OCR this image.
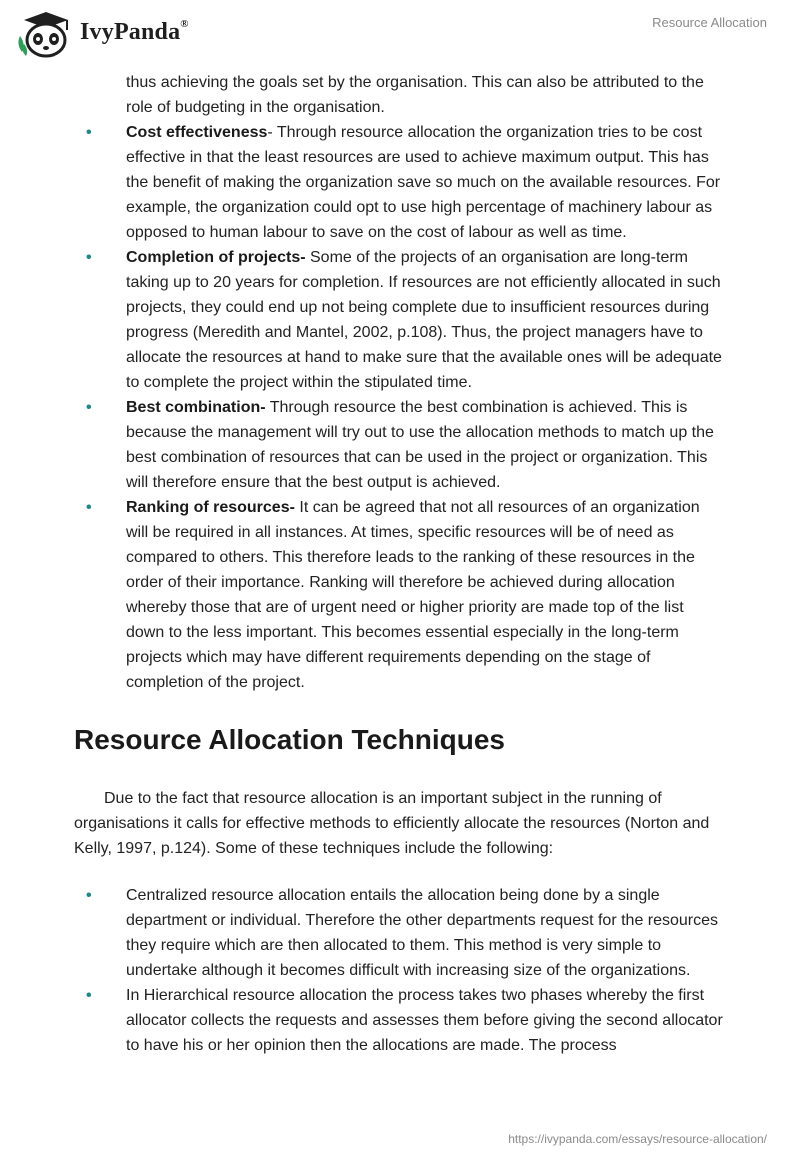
IvyPanda®	Resource Allocation
thus achieving the goals set by the organisation. This can also be attributed to the role of budgeting in the organisation.
• Cost effectiveness- Through resource allocation the organization tries to be cost effective in that the least resources are used to achieve maximum output. This has the benefit of making the organization save so much on the available resources. For example, the organization could opt to use high percentage of machinery labour as opposed to human labour to save on the cost of labour as well as time.
• Completion of projects- Some of the projects of an organisation are long-term taking up to 20 years for completion. If resources are not efficiently allocated in such projects, they could end up not being complete due to insufficient resources during progress (Meredith and Mantel, 2002, p.108). Thus, the project managers have to allocate the resources at hand to make sure that the available ones will be adequate to complete the project within the stipulated time.
• Best combination- Through resource the best combination is achieved. This is because the management will try out to use the allocation methods to match up the best combination of resources that can be used in the project or organization. This will therefore ensure that the best output is achieved.
• Ranking of resources- It can be agreed that not all resources of an organization will be required in all instances. At times, specific resources will be of need as compared to others. This therefore leads to the ranking of these resources in the order of their importance. Ranking will therefore be achieved during allocation whereby those that are of urgent need or higher priority are made top of the list down to the less important. This becomes essential especially in the long-term projects which may have different requirements depending on the stage of completion of the project.
Resource Allocation Techniques

Due to the fact that resource allocation is an important subject in the running of organisations it calls for effective methods to efficiently allocate the resources (Norton and Kelly, 1997, p.124). Some of these techniques include the following:

• Centralized resource allocation entails the allocation being done by a single department or individual. Therefore the other departments request for the resources they require which are then allocated to them. This method is very simple to undertake although it becomes difficult with increasing size of the organizations.
• In Hierarchical resource allocation the process takes two phases whereby the first allocator collects the requests and assesses them before giving the second allocator to have his or her opinion then the allocations are made. The process
https://ivypanda.com/essays/resource-allocation/
